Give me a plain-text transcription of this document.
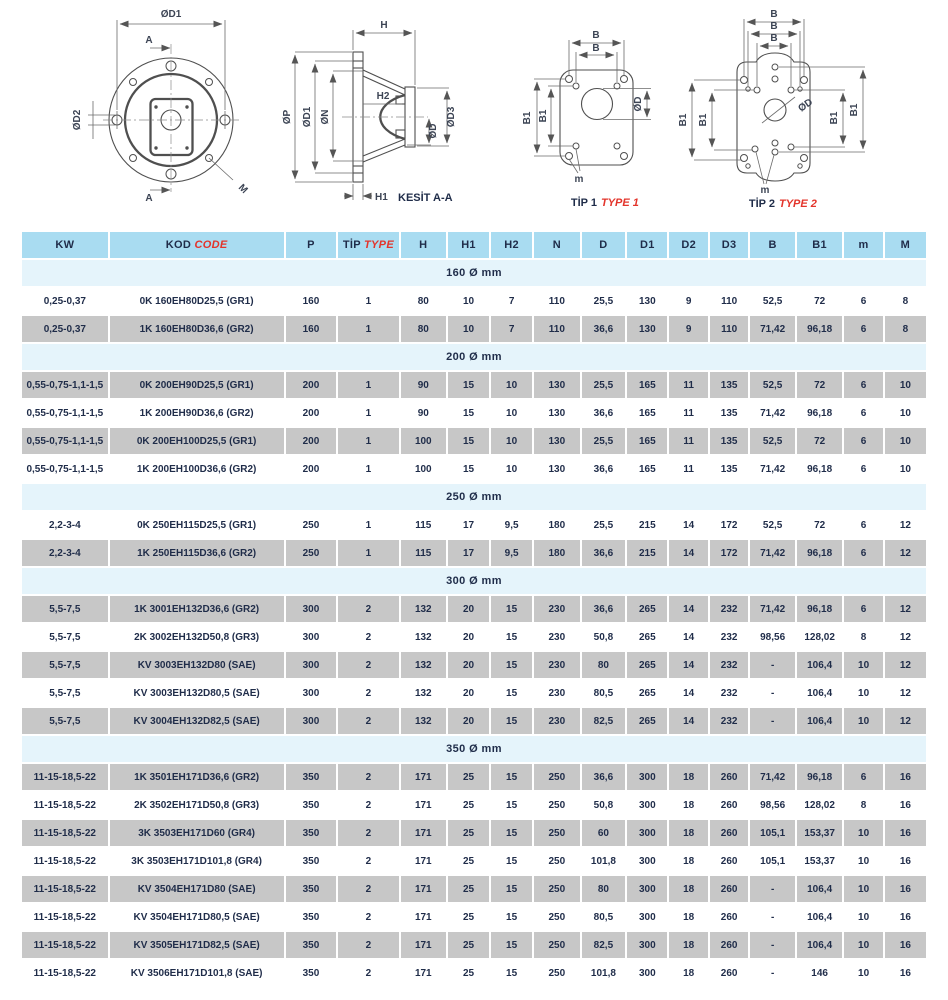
ØD1
A
A
ØD2
M
H
H2
ØP ØD1 ØN	ØD3
ØD
H1 KESİT A-A
B
B
B1 B1
ØD
m
TİP 1 TYPE 1
ØD
B
B
B
B1 B1	B1
B1
m
TİP 2 TYPE 2
KW	KOD CODE	P	TİP TYPE	H	H1	H2	N	D	D1	D2	D3	B	B1	m	M
160 Ø mm															
0,25-0,37	0K 160EH80D25,5 (GR1)	160	1	80	10	7	110	25,5	130	9	110	52,5	72	6	8
0,25-0,37	1K 160EH80D36,6 (GR2)	160	1	80	10	7	110	36,6	130	9	110	71,42	96,18	6	8
200 Ø mm															
0,55-0,75-1,1-1,5	0K 200EH90D25,5 (GR1)	200	1	90	15	10	130	25,5	165	11	135	52,5	72	6	10
0,55-0,75-1,1-1,5	1K 200EH90D36,6 (GR2)	200	1	90	15	10	130	36,6	165	11	135	71,42	96,18	6	10
0,55-0,75-1,1-1,5	0K 200EH100D25,5 (GR1)	200	1	100	15	10	130	25,5	165	11	135	52,5	72	6	10
0,55-0,75-1,1-1,5	1K 200EH100D36,6 (GR2)	200	1	100	15	10	130	36,6	165	11	135	71,42	96,18	6	10
250 Ø mm															
2,2-3-4	0K 250EH115D25,5 (GR1)	250	1	115	17	9,5	180	25,5	215	14	172	52,5	72	6	12
2,2-3-4	1K 250EH115D36,6 (GR2)	250	1	115	17	9,5	180	36,6	215	14	172	71,42	96,18	6	12
300 Ø mm															
5,5-7,5	1K 3001EH132D36,6 (GR2)	300	2	132	20	15	230	36,6	265	14	232	71,42	96,18	6	12
5,5-7,5	2K 3002EH132D50,8 (GR3)	300	2	132	20	15	230	50,8	265	14	232	98,56	128,02	8	12
5,5-7,5	KV 3003EH132D80 (SAE)	300	2	132	20	15	230	80	265	14	232	-	106,4	10	12
5,5-7,5	KV 3003EH132D80,5 (SAE)	300	2	132	20	15	230	80,5	265	14	232	-	106,4	10	12
5,5-7,5	KV 3004EH132D82,5 (SAE)	300	2	132	20	15	230	82,5	265	14	232	-	106,4	10	12
350 Ø mm															
11-15-18,5-22	1K 3501EH171D36,6 (GR2)	350	2	171	25	15	250	36,6	300	18	260	71,42	96,18	6	16
11-15-18,5-22	2K 3502EH171D50,8 (GR3)	350	2	171	25	15	250	50,8	300	18	260	98,56	128,02	8	16
11-15-18,5-22	3K 3503EH171D60 (GR4)	350	2	171	25	15	250	60	300	18	260	105,1	153,37	10	16
11-15-18,5-22	3K 3503EH171D101,8 (GR4)	350	2	171	25	15	250	101,8	300	18	260	105,1	153,37	10	16
11-15-18,5-22	KV 3504EH171D80 (SAE)	350	2	171	25	15	250	80	300	18	260	-	106,4	10	16
11-15-18,5-22	KV 3504EH171D80,5 (SAE)	350	2	171	25	15	250	80,5	300	18	260	-	106,4	10	16
11-15-18,5-22	KV 3505EH171D82,5 (SAE)	350	2	171	25	15	250	82,5	300	18	260	-	106,4	10	16
11-15-18,5-22	KV 3506EH171D101,8 (SAE)	350	2	171	25	15	250	101,8	300	18	260	-	146	10	16
